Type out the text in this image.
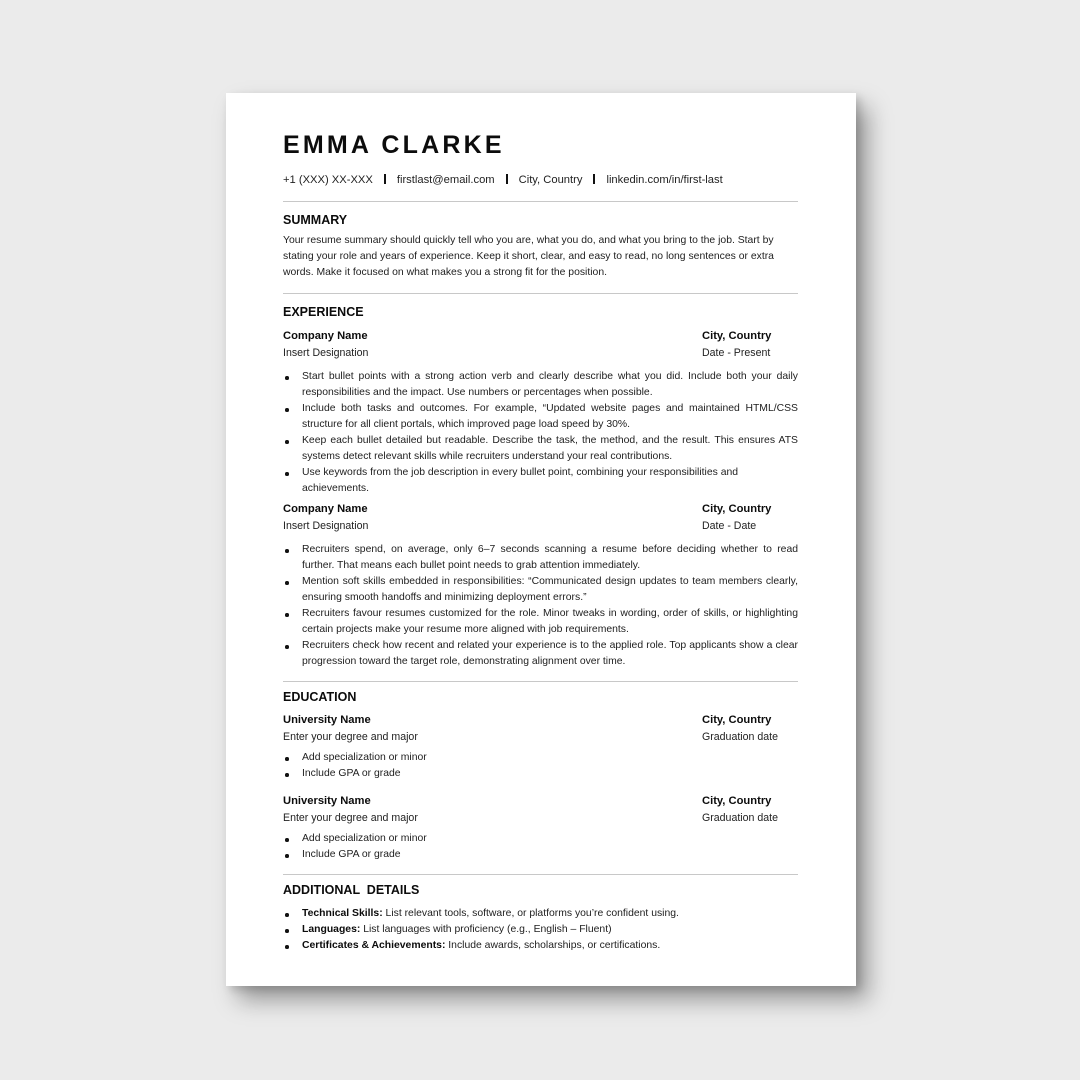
EMMA CLARKE
+1 (XXX) XX-XXX firstlast@email.com City, Country linkedin.com/in/first-last
SUMMARY
Your resume summary should quickly tell who you are, what you do, and what you bring to the job. Start by stating your role and years of experience. Keep it short, clear, and easy to read, no long sentences or extra words. Make it focused on what makes you a strong fit for the position.
EXPERIENCE
Company Name	City, Country
Insert Designation	Date - Present
Start bullet points with a strong action verb and clearly describe what you did. Include both your daily responsibilities and the impact. Use numbers or percentages when possible.
Include both tasks and outcomes. For example, “Updated website pages and maintained HTML/CSS structure for all client portals, which improved page load speed by 30%.
Keep each bullet detailed but readable. Describe the task, the method, and the result. This ensures ATS systems detect relevant skills while recruiters understand your real contributions.
Use keywords from the job description in every bullet point, combining your responsibilities and achievements.
Company Name	City, Country
Insert Designation	Date - Date
Recruiters spend, on average, only 6–7 seconds scanning a resume before deciding whether to read further. That means each bullet point needs to grab attention immediately.
Mention soft skills embedded in responsibilities: “Communicated design updates to team members clearly, ensuring smooth handoffs and minimizing deployment errors.”
Recruiters favour resumes customized for the role. Minor tweaks in wording, order of skills, or highlighting certain projects make your resume more aligned with job requirements.
Recruiters check how recent and related your experience is to the applied role. Top applicants show a clear progression toward the target role, demonstrating alignment over time.
EDUCATION
University Name	City, Country
Enter your degree and major	Graduation date
Add specialization or minor
Include GPA or grade
University Name	City, Country
Enter your degree and major	Graduation date
Add specialization or minor
Include GPA or grade
ADDITIONAL  DETAILS
Technical Skills: List relevant tools, software, or platforms you’re confident using.
Languages: List languages with proficiency (e.g., English – Fluent)
Certificates & Achievements: Include awards, scholarships, or certifications.
